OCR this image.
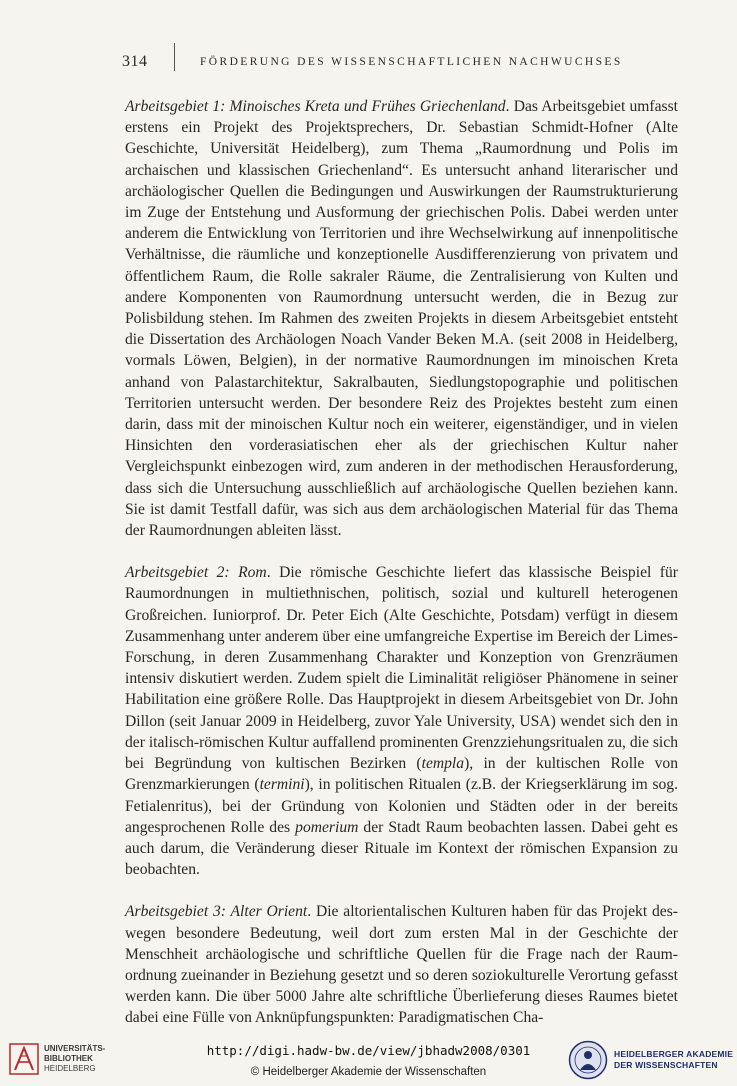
314	FÖRDERUNG DES WISSENSCHAFTLICHEN NACHWUCHSES

Arbeitsgebiet 1: Minoisches Kreta und Frühes Griechenland. Das Arbeitsgebiet umfasst erstens ein Projekt des Projektsprechers, Dr. Sebastian Schmidt-Hofner (Alte Geschichte, Universität Heidelberg), zum Thema „Raumordnung und Polis im archaischen und klassischen Griechenland“. Es untersucht anhand literarischer und archäologischer Quellen die Bedingungen und Auswirkungen der Raumstrukturierung im Zuge der Entstehung und Ausformung der griechischen Polis. Dabei werden unter anderem die Entwicklung von Territorien und ihre Wechselwirkung auf innenpolitische Verhältnisse, die räumliche und konzeptionelle Ausdifferenzierung von privatem und öffentlichem Raum, die Rolle sakraler Räume, die Zentralisierung von Kulten und andere Komponenten von Raumordnung untersucht werden, die in Bezug zur Polisbildung stehen. Im Rahmen des zweiten Projekts in diesem Arbeitsgebiet entsteht die Dissertation des Archäologen Noach Vander Beken M.A. (seit 2008 in Heidelberg, vormals Löwen, Belgien), in der normative Raumordnungen im minoischen Kreta anhand von Palastarchitektur, Sakralbauten, Siedlungstopographie und politischen Territorien untersucht werden. Der besondere Reiz des Projektes besteht zum einen darin, dass mit der minoischen Kultur noch ein weiterer, eigenständiger, und in vielen Hinsichten den vorderasiatischen eher als der griechischen Kultur naher Vergleichspunkt einbezogen wird, zum anderen in der methodischen Herausforderung, dass sich die Untersuchung ausschließlich auf archäologische Quellen beziehen kann. Sie ist damit Testfall dafür, was sich aus dem archäologischen Material für das Thema der Raumordnungen ableiten lässt.

Arbeitsgebiet 2: Rom. Die römische Geschichte liefert das klassische Beispiel für Raumordnungen in multiethnischen, politisch, sozial und kulturell heterogenen Großreichen. Iuniorprof. Dr. Peter Eich (Alte Geschichte, Potsdam) verfügt in diesem Zusammenhang unter anderem über eine umfangreiche Expertise im Bereich der Limes-Forschung, in deren Zusammenhang Charakter und Konzeption von Grenzräumen intensiv diskutiert werden. Zudem spielt die Liminalität religiöser Phänomene in seiner Habilitation eine größere Rolle. Das Hauptprojekt in diesem Arbeitsgebiet von Dr. John Dillon (seit Januar 2009 in Heidelberg, zuvor Yale University, USA) wendet sich den in der italisch-römischen Kultur auffallend prominenten Grenzziehungsritualen zu, die sich bei Begründung von kultischen Bezirken (templa), in der kultischen Rolle von Grenzmarkierungen (termini), in politischen Ritualen (z.B. der Kriegserklärung im sog. Fetialenritus), bei der Gründung von Kolonien und Städten oder in der bereits angesprochenen Rolle des pomerium der Stadt Raum beobachten lassen. Dabei geht es auch darum, die Veränderung dieser Rituale im Kontext der römischen Expansion zu beobachten.

Arbeitsgebiet 3: Alter Orient. Die altorientalischen Kulturen haben für das Projekt deswegen besondere Bedeutung, weil dort zum ersten Mal in der Geschichte der Menschheit archäologische und schriftliche Quellen für die Frage nach der Raumordnung zueinander in Beziehung gesetzt und so deren soziokulturelle Verortung gefasst werden kann. Die über 5000 Jahre alte schriftliche Überlieferung dieses Raumes bietet dabei eine Fülle von Anknüpfungspunkten: Paradigmatischen Cha-

UNIVERSITÄTS-
BIBLIOTHEK
HEIDELBERG
http://digi.hadw-bw.de/view/jbhadw2008/0301
© Heidelberger Akademie der Wissenschaften
HEIDELBERGER AKADEMIE
DER WISSENSCHAFTEN
